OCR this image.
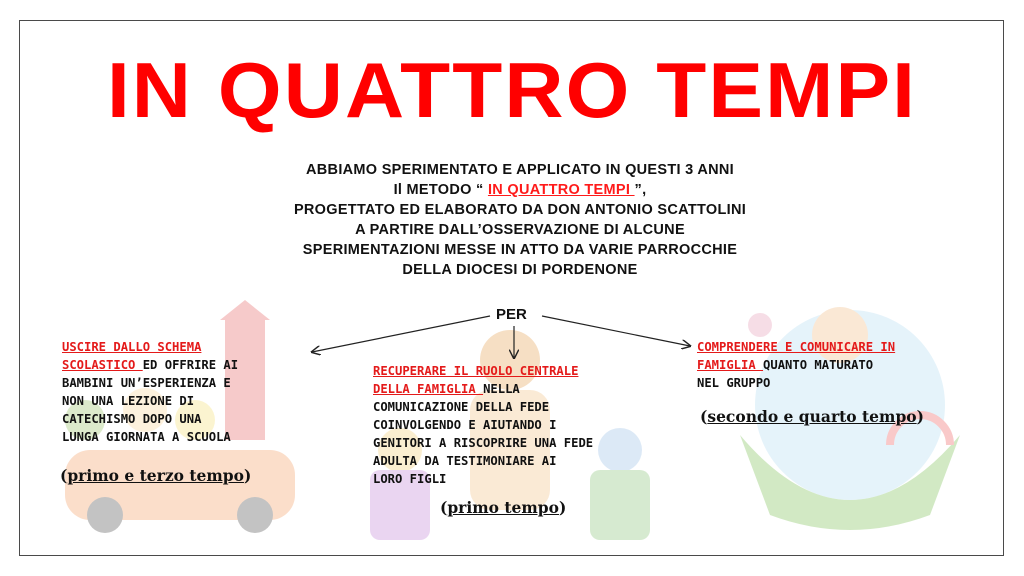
IN QUATTRO TEMPI
ABBIAMO SPERIMENTATO E APPLICATO IN QUESTI 3 ANNI
Il METODO “ IN QUATTRO TEMPI ”,
PROGETTATO ED ELABORATO DA DON ANTONIO SCATTOLINI
A PARTIRE DALL’OSSERVAZIONE DI ALCUNE
SPERIMENTAZIONI MESSE IN ATTO DA VARIE PARROCCHIE
DELLA DIOCESI DI PORDENONE
PER
USCIRE DALLO SCHEMA
SCOLASTICO ED OFFRIRE AI
BAMBINI UN’ESPERIENZA E
NON UNA LEZIONE DI
CATECHISMO DOPO UNA
LUNGA GIORNATA A SCUOLA
(primo e terzo tempo)
RECUPERARE IL RUOLO CENTRALE
DELLA FAMIGLIA NELLA
COMUNICAZIONE DELLA FEDE
COINVOLGENDO E AIUTANDO I
GENITORI A RISCOPRIRE UNA FEDE
ADULTA DA TESTIMONIARE AI
LORO FIGLI
(primo tempo)
COMPRENDERE E COMUNICARE IN
FAMIGLIA QUANTO MATURATO
NEL GRUPPO
(secondo e quarto tempo)
